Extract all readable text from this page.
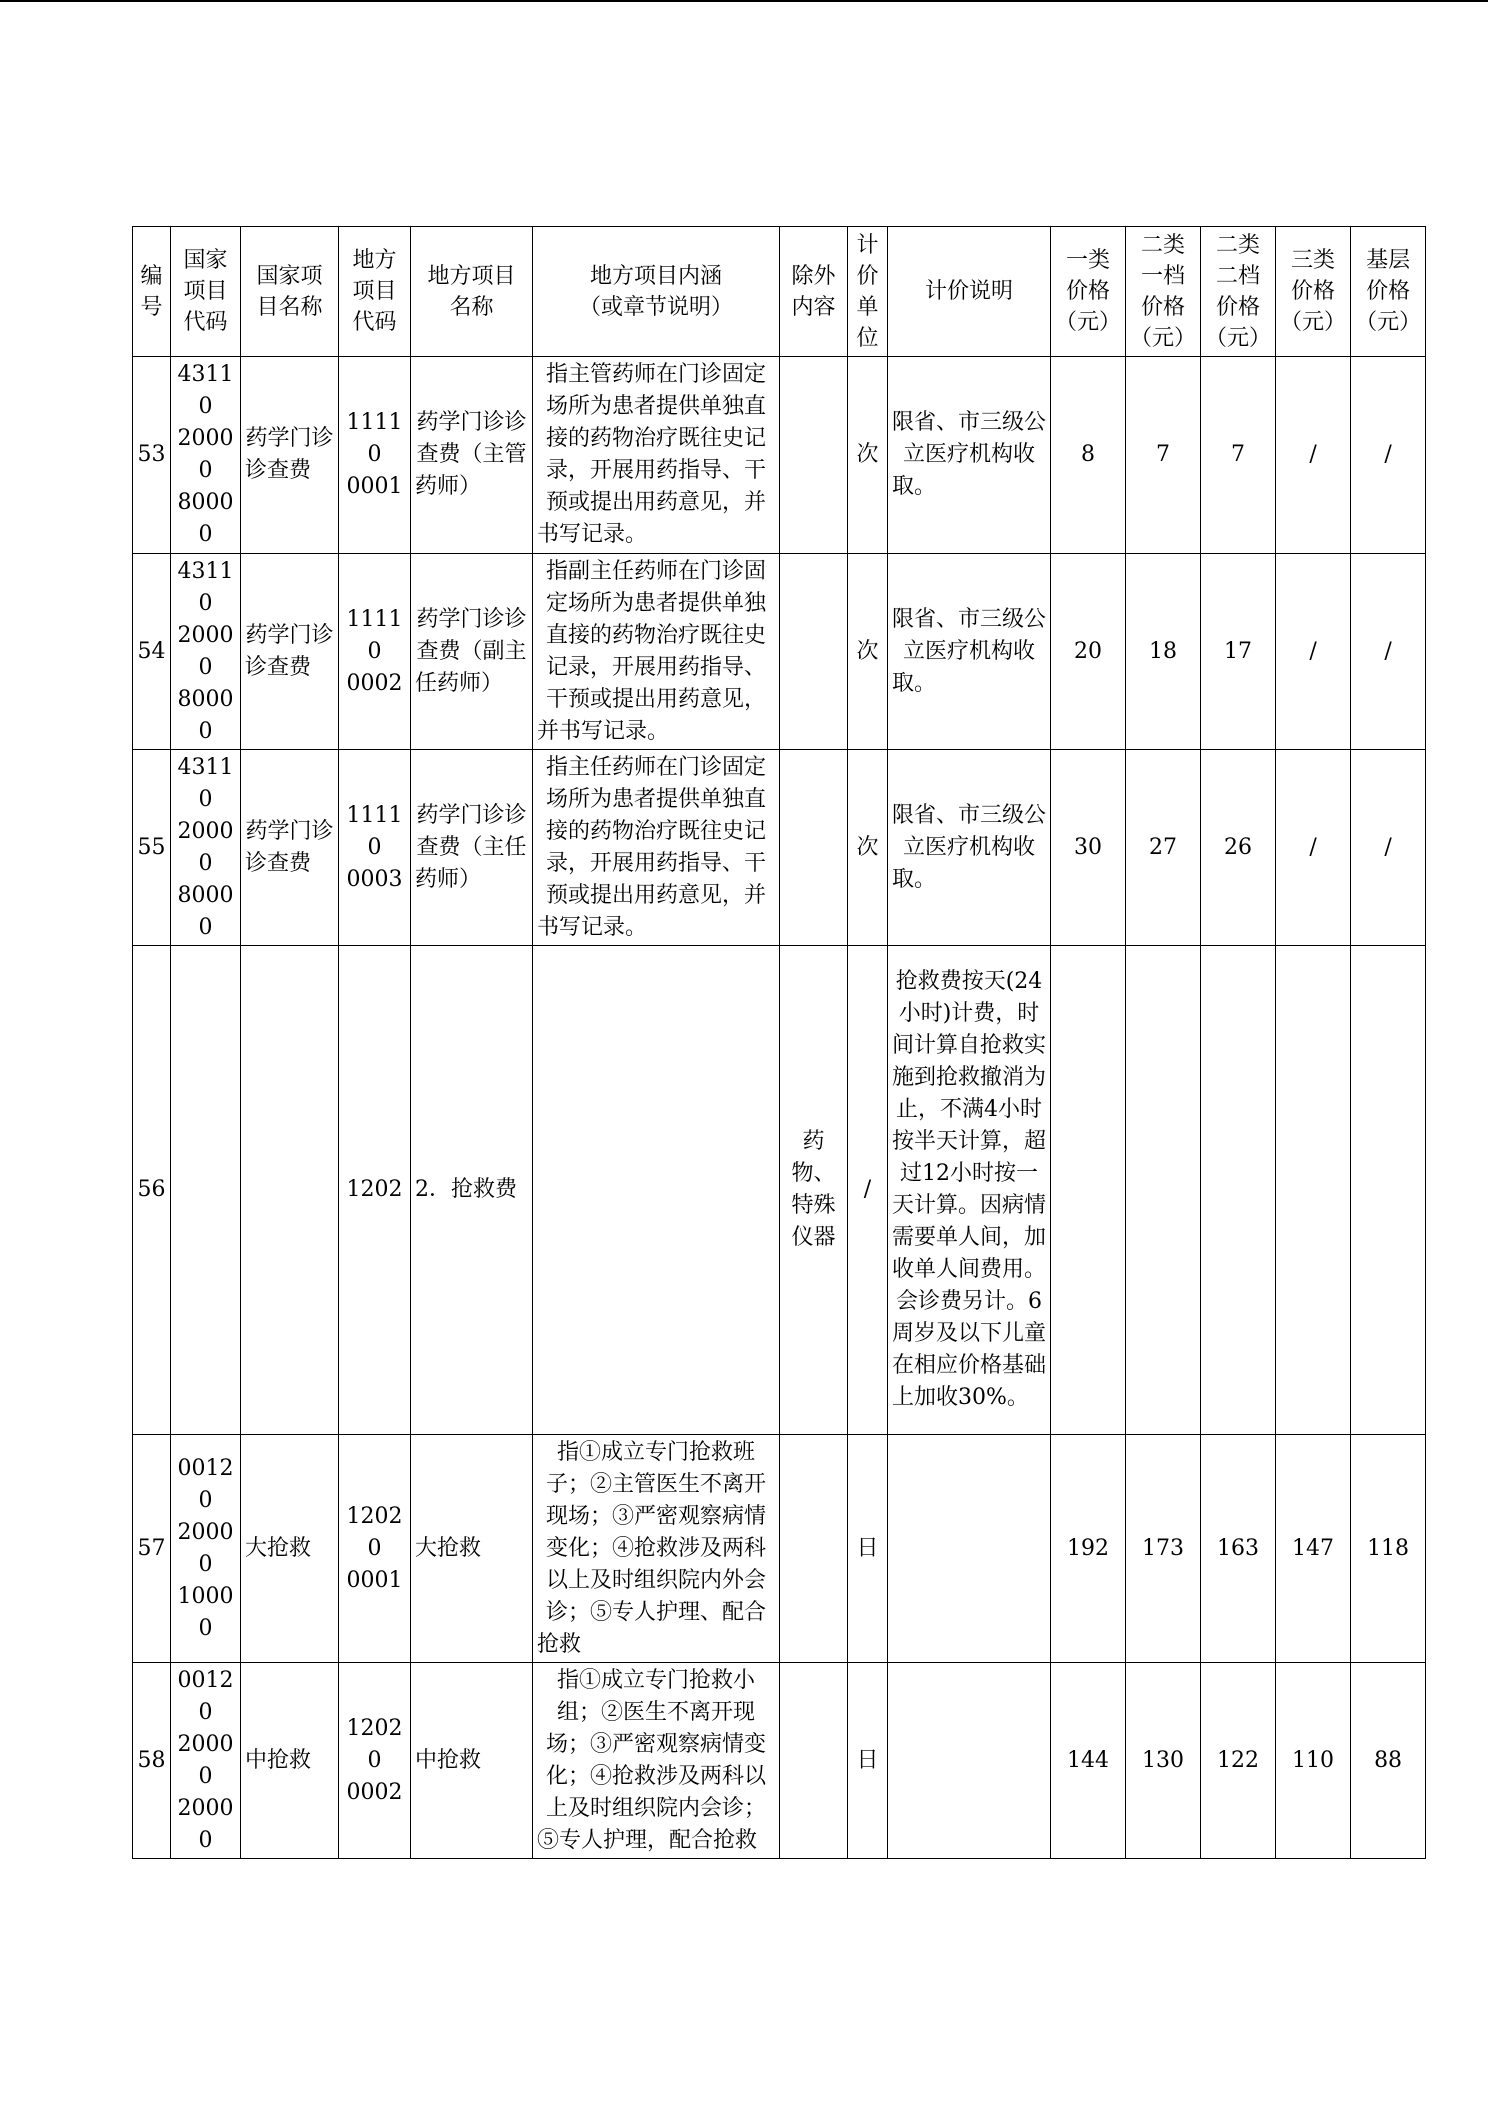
编
号	国家
项目
代码	国家项
目名称	地方
项目
代码	地方项目
名称	地方项目内涵
（或章节说明）	除外
内容	计
价
单
位	计价说明	一类
价格
（元）	二类
一档
价格
（元）	二类
二档
价格
（元）	三类
价格
（元）	基层
价格
（元）
53	43110
20000
80000	药学门诊诊查费	11110
0001	药学门诊诊查费（主管药师）	指主管药师在门诊固定场所为患者提供单独直接的药物治疗既往史记录，开展用药指导、干预或提出用药意见，并书写记录。		次	限省、市三级公立医疗机构收取。	8	7	7	/	/
54	43110
20000
80000	药学门诊诊查费	11110
0002	药学门诊诊查费（副主任药师）	指副主任药师在门诊固定场所为患者提供单独直接的药物治疗既往史记录，开展用药指导、干预或提出用药意见，并书写记录。		次	限省、市三级公立医疗机构收取。	20	18	17	/	/
55	43110
20000
80000	药学门诊诊查费	11110
0003	药学门诊诊查费（主任药师）	指主任药师在门诊固定场所为患者提供单独直接的药物治疗既往史记录，开展用药指导、干预或提出用药意见，并书写记录。		次	限省、市三级公立医疗机构收取。	30	27	26	/	/
56			1202	2．抢救费		药物、特殊仪器	/	抢救费按天(24小时)计费，时间计算自抢救实施到抢救撤消为止，不满4小时按半天计算，超过12小时按一天计算。因病情需要单人间，加收单人间费用。会诊费另计。6周岁及以下儿童在相应价格基础上加收30%。					
57	00120
20000
10000	大抢救	12020
0001	大抢救	指①成立专门抢救班子；②主管医生不离开现场；③严密观察病情变化；④抢救涉及两科以上及时组织院内外会诊；⑤专人护理、配合抢救		日		192	173	163	147	118
58	00120
20000
20000	中抢救	12020
0002	中抢救	指①成立专门抢救小组；②医生不离开现场；③严密观察病情变化；④抢救涉及两科以上及时组织院内会诊；⑤专人护理，配合抢救		日		144	130	122	110	88
